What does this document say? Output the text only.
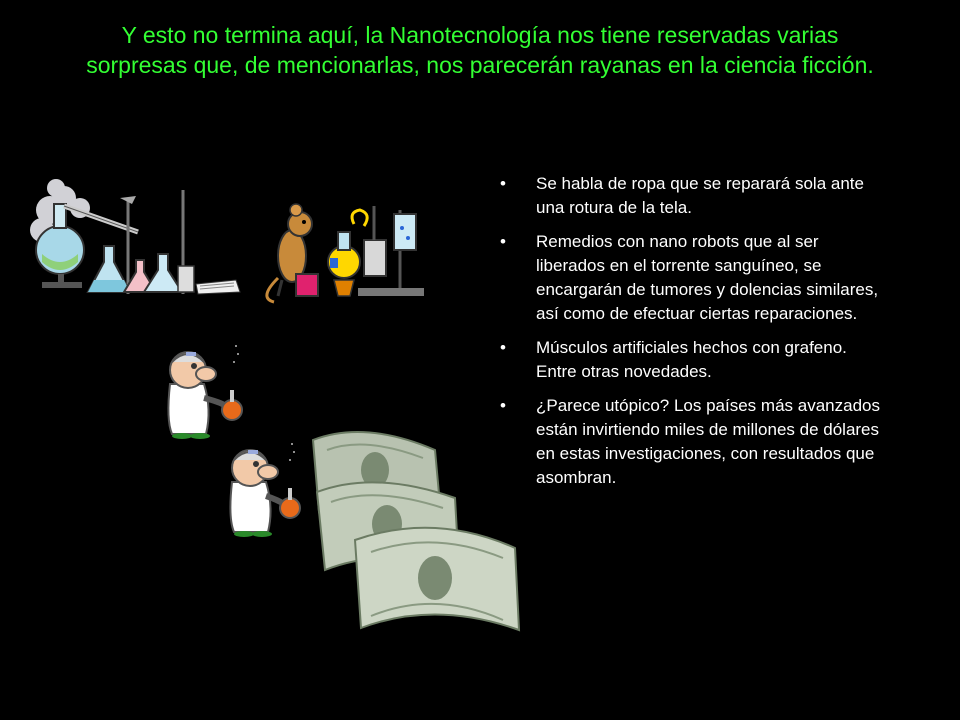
Y esto no termina aquí, la Nanotecnología nos tiene reservadas varias
sorpresas que, de mencionarlas, nos parecerán rayanas en la ciencia ficción.
• Se habla de ropa que se reparará sola ante una rotura de la tela.
• Remedios con nano robots que al ser liberados en el torrente sanguíneo, se encargarán de tumores y dolencias similares, así como de efectuar ciertas reparaciones.
• Músculos artificiales hechos con grafeno. Entre otras novedades.
• ¿Parece utópico? Los países más avanzados están invirtiendo miles de millones de dólares en estas investigaciones, con resultados que asombran.
